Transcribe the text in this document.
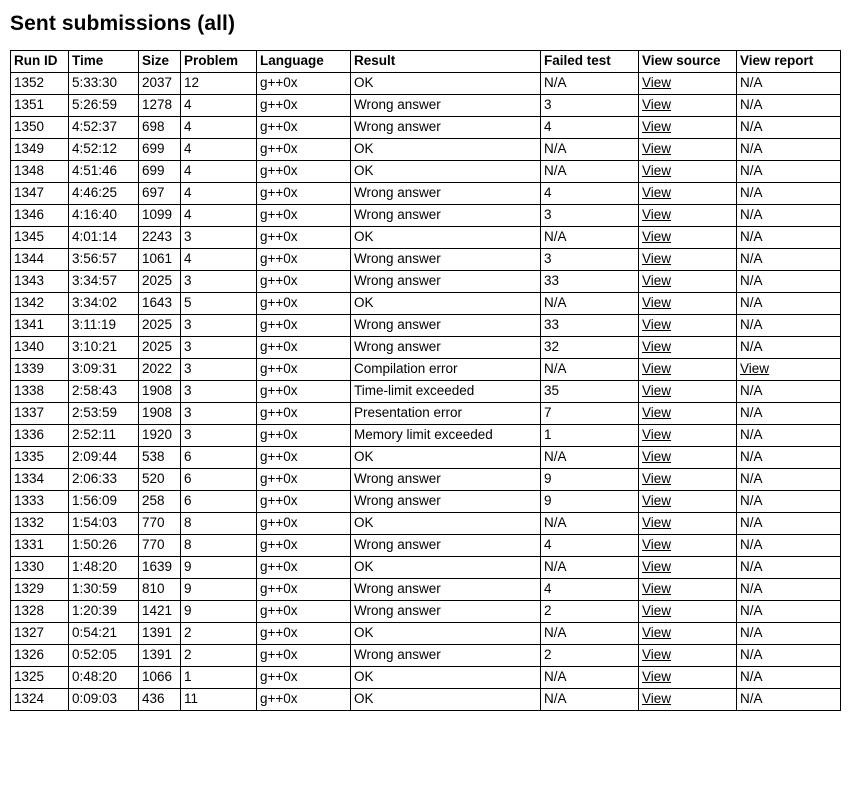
Sent submissions (all)
Run ID	Time	Size	Problem	Language	Result	Failed test	View source	View report
1352	5:33:30	2037	12	g++0x	OK	N/A	View	N/A
1351	5:26:59	1278	4	g++0x	Wrong answer	3	View	N/A
1350	4:52:37	698	4	g++0x	Wrong answer	4	View	N/A
1349	4:52:12	699	4	g++0x	OK	N/A	View	N/A
1348	4:51:46	699	4	g++0x	OK	N/A	View	N/A
1347	4:46:25	697	4	g++0x	Wrong answer	4	View	N/A
1346	4:16:40	1099	4	g++0x	Wrong answer	3	View	N/A
1345	4:01:14	2243	3	g++0x	OK	N/A	View	N/A
1344	3:56:57	1061	4	g++0x	Wrong answer	3	View	N/A
1343	3:34:57	2025	3	g++0x	Wrong answer	33	View	N/A
1342	3:34:02	1643	5	g++0x	OK	N/A	View	N/A
1341	3:11:19	2025	3	g++0x	Wrong answer	33	View	N/A
1340	3:10:21	2025	3	g++0x	Wrong answer	32	View	N/A
1339	3:09:31	2022	3	g++0x	Compilation error	N/A	View	View
1338	2:58:43	1908	3	g++0x	Time-limit exceeded	35	View	N/A
1337	2:53:59	1908	3	g++0x	Presentation error	7	View	N/A
1336	2:52:11	1920	3	g++0x	Memory limit exceeded	1	View	N/A
1335	2:09:44	538	6	g++0x	OK	N/A	View	N/A
1334	2:06:33	520	6	g++0x	Wrong answer	9	View	N/A
1333	1:56:09	258	6	g++0x	Wrong answer	9	View	N/A
1332	1:54:03	770	8	g++0x	OK	N/A	View	N/A
1331	1:50:26	770	8	g++0x	Wrong answer	4	View	N/A
1330	1:48:20	1639	9	g++0x	OK	N/A	View	N/A
1329	1:30:59	810	9	g++0x	Wrong answer	4	View	N/A
1328	1:20:39	1421	9	g++0x	Wrong answer	2	View	N/A
1327	0:54:21	1391	2	g++0x	OK	N/A	View	N/A
1326	0:52:05	1391	2	g++0x	Wrong answer	2	View	N/A
1325	0:48:20	1066	1	g++0x	OK	N/A	View	N/A
1324	0:09:03	436	11	g++0x	OK	N/A	View	N/A
